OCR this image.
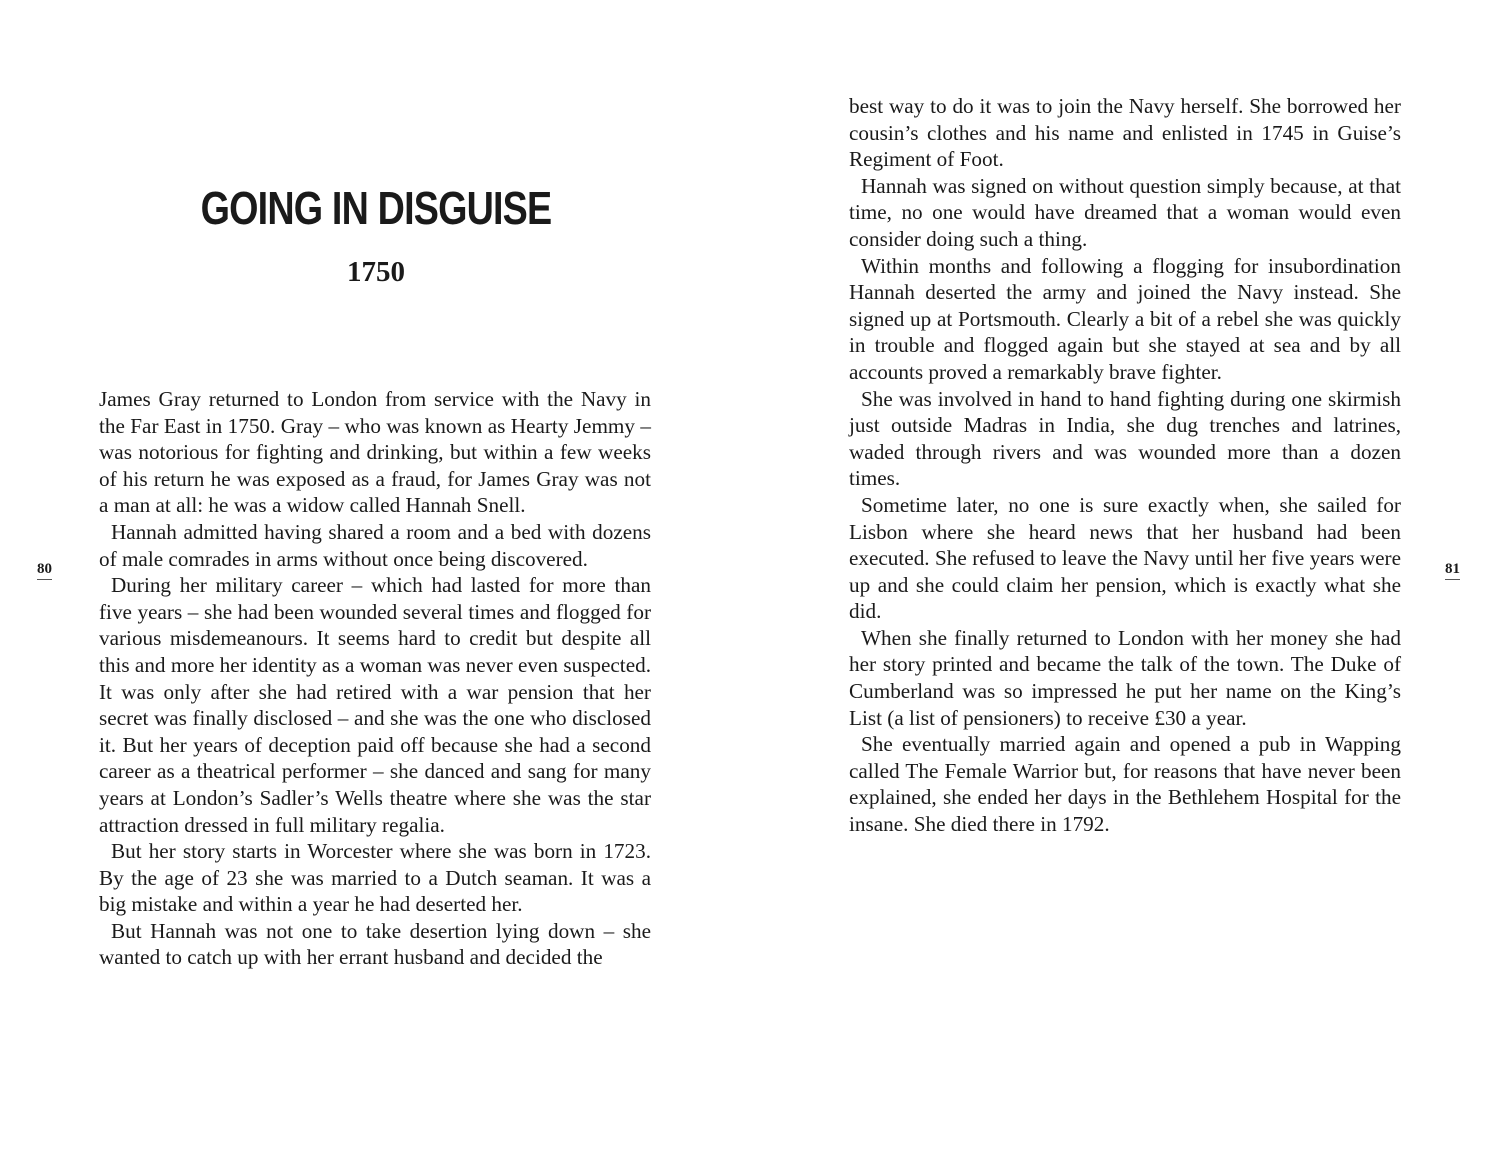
GOING IN DISGUISE
1750
80

James Gray returned to London from service with the Navy in the Far East in 1750. Gray – who was known as Hearty Jemmy – was notorious for fighting and drinking, but within a few weeks of his return he was exposed as a fraud, for James Gray was not a man at all: he was a widow called Hannah Snell.

Hannah admitted having shared a room and a bed with dozens of male comrades in arms without once being discovered.

During her military career – which had lasted for more than five years – she had been wounded several times and flogged for various misdemeanours. It seems hard to credit but despite all this and more her identity as a woman was never even suspected. It was only after she had retired with a war pension that her secret was finally disclosed – and she was the one who disclosed it. But her years of deception paid off because she had a second career as a theatrical performer – she danced and sang for many years at London’s Sadler’s Wells theatre where she was the star attraction dressed in full military regalia.

But her story starts in Worcester where she was born in 1723. By the age of 23 she was married to a Dutch seaman. It was a big mistake and within a year he had deserted her.

But Hannah was not one to take desertion lying down – she wanted to catch up with her errant husband and decided the

best way to do it was to join the Navy herself. She borrowed her cousin’s clothes and his name and enlisted in 1745 in Guise’s Regiment of Foot.

Hannah was signed on without question simply because, at that time, no one would have dreamed that a woman would even consider doing such a thing.

Within months and following a flogging for insubordination Hannah deserted the army and joined the Navy instead. She signed up at Portsmouth. Clearly a bit of a rebel she was quickly in trouble and flogged again but she stayed at sea and by all accounts proved a remarkably brave fighter.

She was involved in hand to hand fighting during one skirmish just outside Madras in India, she dug trenches and latrines, waded through rivers and was wounded more than a dozen times.

Sometime later, no one is sure exactly when, she sailed for Lisbon where she heard news that her husband had been executed. She refused to leave the Navy until her five years were up and she could claim her pension, which is exactly what she did.

When she finally returned to London with her money she had her story printed and became the talk of the town. The Duke of Cumberland was so impressed he put her name on the King’s List (a list of pensioners) to receive £30 a year.

She eventually married again and opened a pub in Wapping called The Female Warrior but, for reasons that have never been explained, she ended her days in the Bethlehem Hospital for the insane. She died there in 1792.

81
